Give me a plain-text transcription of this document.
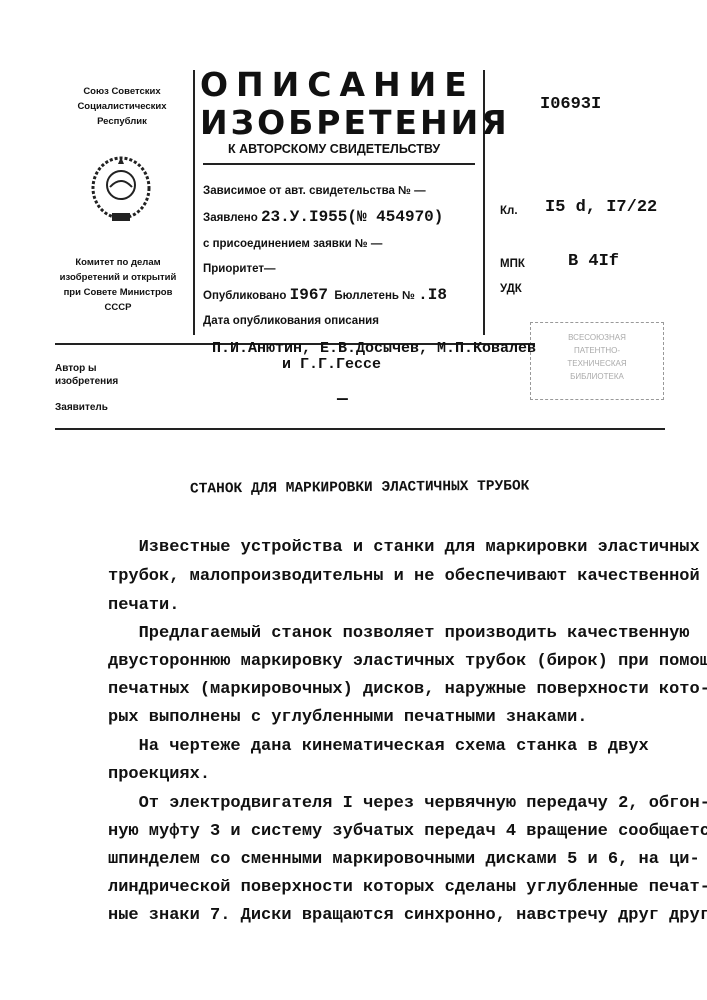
Союз Советских
Социалистических
Республик
Комитет по делам
изобретений и открытий
при Совете Министров
СССР
ОПИСАНИЕ
ИЗОБРЕТЕНИЯ
К АВТОРСКОМУ СВИДЕТЕЛЬСТВУ
Зависимое от авт. свидетельства № —
Заявлено 23.У.I955(№ 454970)
с присоединением заявки № —
Приоритет—
Опубликовано I967 Бюллетень № .I8
Дата опубликования описания
I0693I
Кл. I5 d, I7/22
МПК	B 4If
УДК
ВСЕСОЮЗНАЯ
ПАТЕНТНО-
ТЕХНИЧЕСКАЯ
БИБЛИОТЕКА
Автор ы
изобретения
П.И.Анютин, Е.В.Досычев, М.П.Ковалев
и Г.Г.Гессе
Заявитель	—
СТАНОК ДЛЯ МАРКИРОВКИ ЭЛАСТИЧНЫХ ТРУБОК
Известные устройства и станки для маркировки эластичных
трубок, малопроизводительны и не обеспечивают качественной
печати.
Предлагаемый станок позволяет производить качественную
двустороннюю маркировку эластичных трубок (бирок) при помощи
печатных (маркировочных) дисков, наружные поверхности кото-
рых выполнены с углубленными печатными знаками.
На чертеже дана кинематическая схема станка в двух
проекциях.
От электродвигателя I через червячную передачу 2, обгон-
ную муфту 3 и систему зубчатых передач 4 вращение сообщается
шпинделем со сменными маркировочными дисками 5 и 6, на ци-
линдрической поверхности которых сделаны углубленные печат-
ные знаки 7. Диски вращаются синхронно, навстречу друг другу,
